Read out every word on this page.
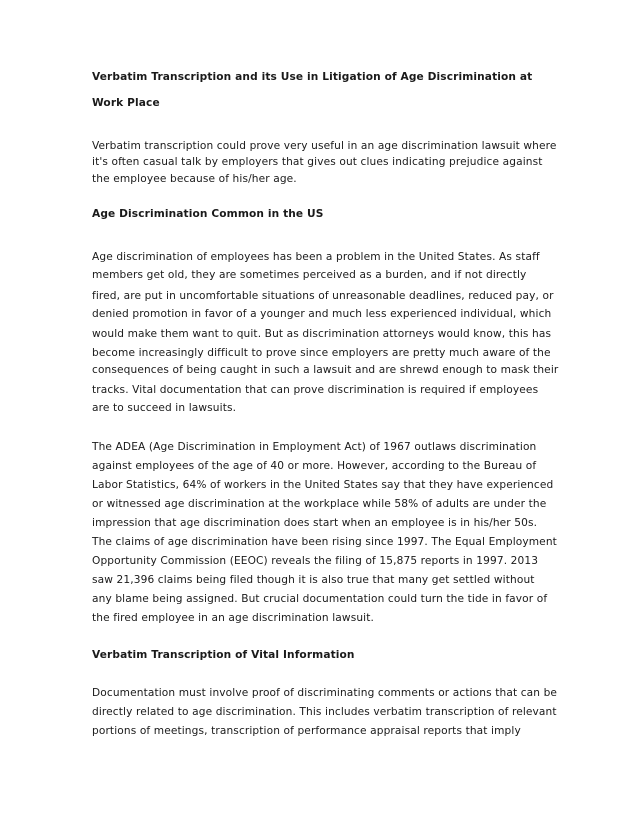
Verbatim Transcription and its Use in Litigation of Age Discrimination at
Work Place
Verbatim transcription could prove very useful in an age discrimination lawsuit where
it's often casual talk by employers that gives out clues indicating prejudice against
the employee because of his/her age.
Age Discrimination Common in the US
Age discrimination of employees has been a problem in the United States. As staff
members get old, they are sometimes perceived as a burden, and if not directly
fired, are put in uncomfortable situations of unreasonable deadlines, reduced pay, or
denied promotion in favor of a younger and much less experienced individual, which
would make them want to quit. But as discrimination attorneys would know, this has
become increasingly difficult to prove since employers are pretty much aware of the
consequences of being caught in such a lawsuit and are shrewd enough to mask their
tracks. Vital documentation that can prove discrimination is required if employees
are to succeed in lawsuits.
The ADEA (Age Discrimination in Employment Act) of 1967 outlaws discrimination
against employees of the age of 40 or more. However, according to the Bureau of
Labor Statistics, 64% of workers in the United States say that they have experienced
or witnessed age discrimination at the workplace while 58% of adults are under the
impression that age discrimination does start when an employee is in his/her 50s.
The claims of age discrimination have been rising since 1997. The Equal Employment
Opportunity Commission (EEOC) reveals the filing of 15,875 reports in 1997. 2013
saw 21,396 claims being filed though it is also true that many get settled without
any blame being assigned. But crucial documentation could turn the tide in favor of
the fired employee in an age discrimination lawsuit.
Verbatim Transcription of Vital Information
Documentation must involve proof of discriminating comments or actions that can be
directly related to age discrimination. This includes verbatim transcription of relevant
portions of meetings, transcription of performance appraisal reports that imply
